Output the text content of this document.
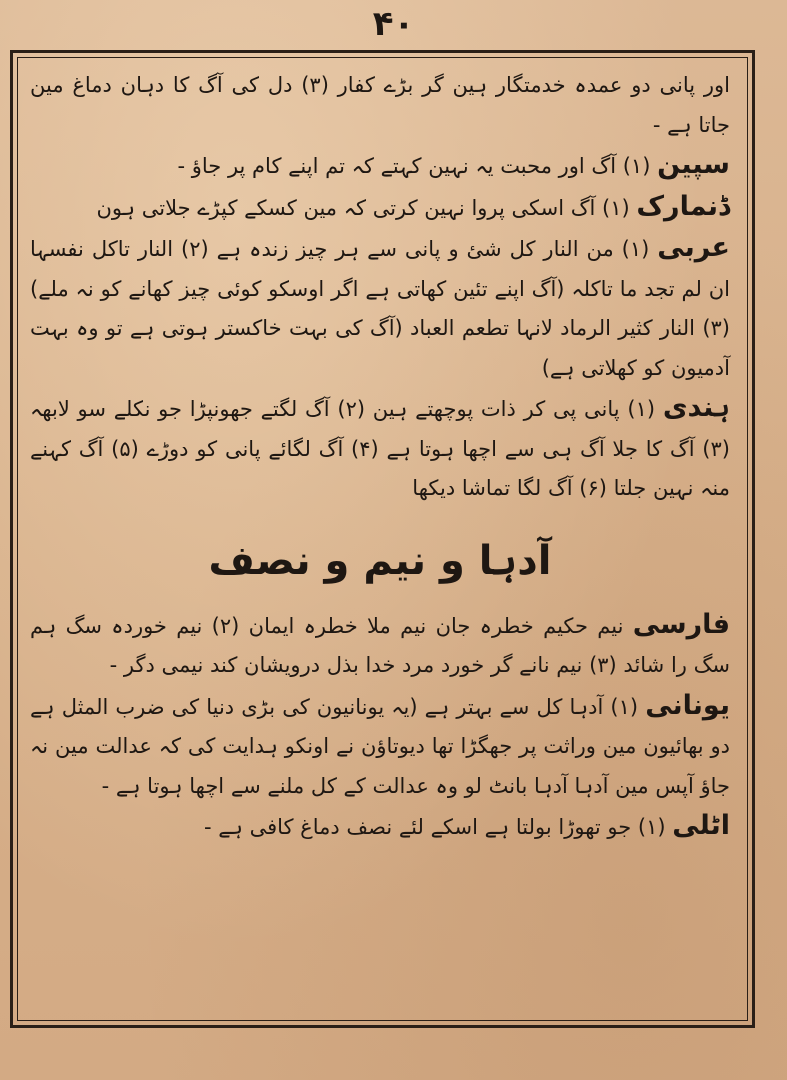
۴۰

اور پانی دو عمدہ خدمتگار ہین گر بڑے کفار (۳) دل کی آگ کا دہان دماغ مین جاتا ہے -

سپین (۱) آگ اور محبت یہ نہین کہتے کہ تم اپنے کام پر جاؤ -

ڈنمارک (۱) آگ اسکی پروا نہین کرتی کہ مین کسکے کپڑے جلاتی ہون

عربی (۱) من النار کل شئ و پانی سے ہر چیز زندہ ہے (۲) النار تاکل نفسہا ان لم تجد ما تاکلہ (آگ اپنے تئین کھاتی ہے اگر اوسکو کوئی چیز کھانے کو نہ ملے) (۳) النار کثیر الرماد لانہا تطعم العباد (آگ کی بہت خاکستر ہوتی ہے تو وہ بہت آدمیون کو کھلاتی ہے)

ہندی (۱) پانی پی کر ذات پوچھتے ہین (۲) آگ لگتے جھونپڑا جو نکلے سو لابھہ (۳) آگ کا جلا آگ ہی سے اچھا ہوتا ہے (۴) آگ لگائے پانی کو دوڑے (۵) آگ کہنے منہ نہین جلتا (۶) آگ لگا تماشا دیکھا

آدہا و نیم و نصف

فارسی نیم حکیم خطرہ جان نیم ملا خطرہ ایمان (۲) نیم خوردہ سگ ہم سگ را شائد (۳) نیم نانے گر خورد مرد خدا بذل درویشان کند نیمی دگر -

یونانی (۱) آدہا کل سے بہتر ہے (یہ یونانیون کی بڑی دنیا کی ضرب المثل ہے دو بھائیون مین وراثت پر جھگڑا تھا دیوتاؤن نے اونکو ہدایت کی کہ عدالت مین نہ جاؤ آپس مین آدہا آدہا بانٹ لو وہ عدالت کے کل ملنے سے اچھا ہوتا ہے -

اٹلی (۱) جو تھوڑا بولتا ہے اسکے لئے نصف دماغ کافی ہے -
